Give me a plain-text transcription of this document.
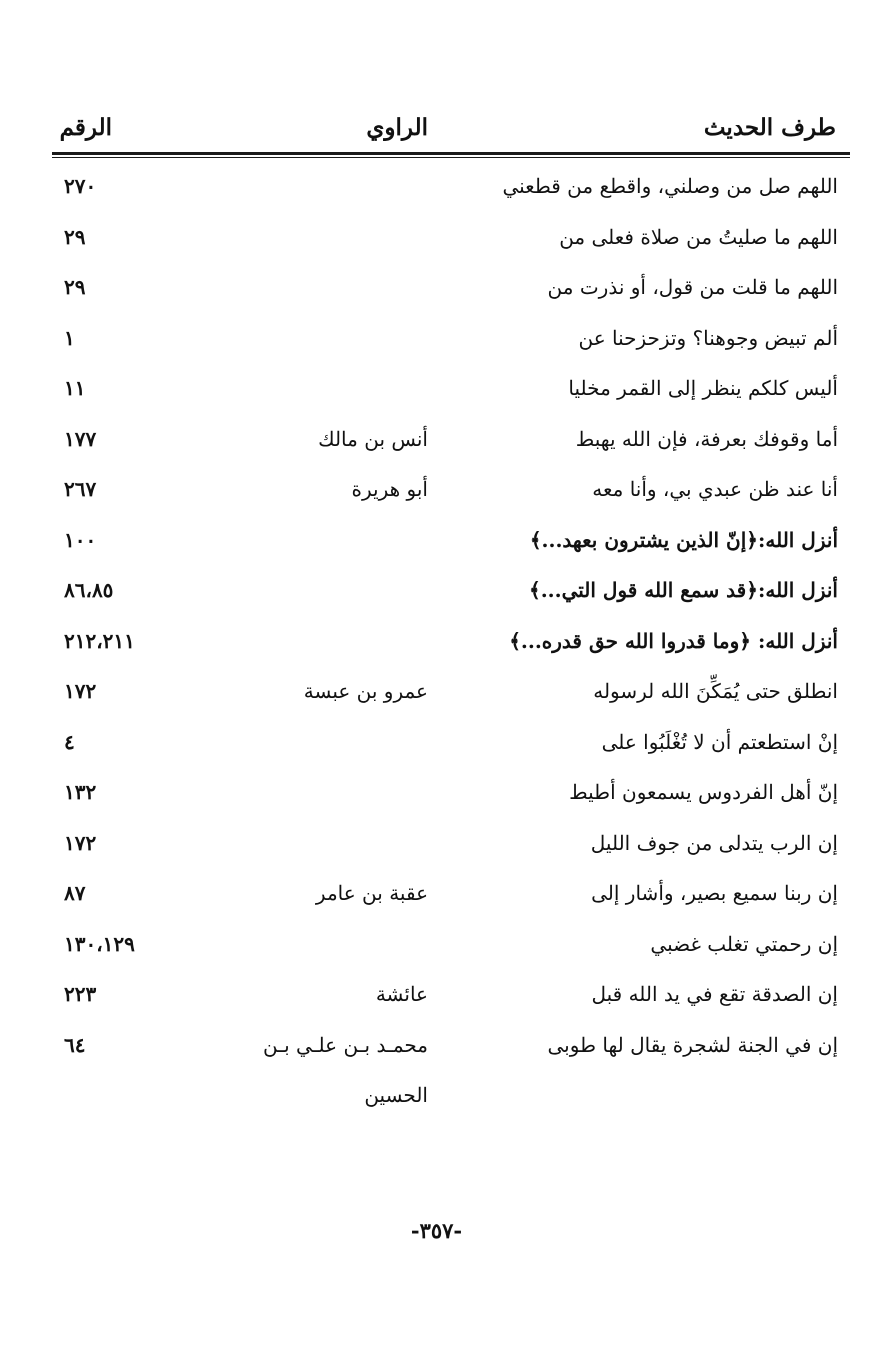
طرف الحديث
الراوي
الرقم
اللهم صل من وصلني، واقطع من قطعني
٢٧٠
اللهم ما صليتُ من صلاة فعلى من
٢٩
اللهم ما قلت من قول، أو نذرت من
٢٩
ألم تبيض وجوهنا؟ وتزحزحنا عن
١
أليس كلكم ينظر إلى القمر مخليا
١١
أما وقوفك بعرفة، فإن الله يهبط
أنس بن مالك
١٧٧
أنا عند ظن عبدي بي، وأنا معه
أبو هريرة
٢٦٧
أنزل الله:﴿إنّ الذين يشترون بعهد...﴾
١٠٠
أنزل الله:﴿قد سمع الله قول التي...﴾
٨٦،٨٥
أنزل الله: ﴿وما قدروا الله حق قدره...﴾
٢١٢،٢١١
انطلق حتى يُمَكِّنَ الله لرسوله
عمرو بن عبسة
١٧٢
إنْ استطعتم أن لا تُغْلَبُوا على
٤
إنّ أهل الفردوس يسمعون أطيط
١٣٢
إن الرب يتدلى من جوف الليل
١٧٢
إن ربنا سميع بصير، وأشار إلى
عقبة بن عامر
٨٧
إن رحمتي تغلب غضبي
١٣٠،١٢٩
إن الصدقة تقع في يد الله قبل
عائشة
٢٢٣
إن في الجنة لشجرة يقال لها طوبى
محمـد بـن علـي بـن
الحسين
٦٤
-٣٥٧-
